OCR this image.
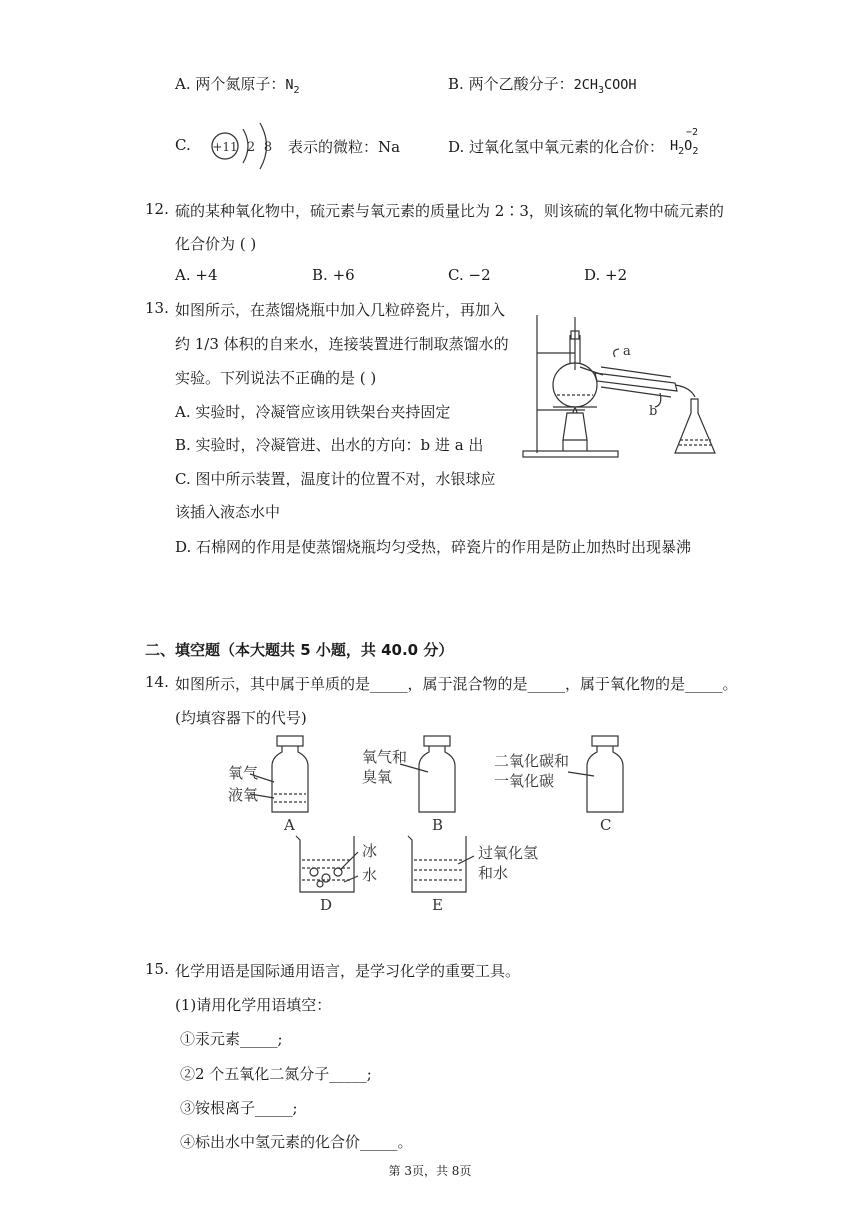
A. 两个氮原子：$N_2$	B. 两个乙酸分子：$2CH_3COOH$
C. +11 2 8 表示的微粒：Na	D. 过氧化氢中氧元素的化合价：
−2
$H_2O_2$
12. 硫的某种氧化物中，硫元素与氧元素的质量比为 2∶3，则该硫的氧化物中硫元素的
化合价为 ( )
A. +4	B. +6	C. −2	D. +2
13. 如图所示，在蒸馏烧瓶中加入几粒碎瓷片，再加入
约 1/3 体积的自来水，连接装置进行制取蒸馏水的
实验。下列说法不正确的是 ( )
A. 实验时，冷凝管应该用铁架台夹持固定
B. 实验时，冷凝管进、出水的方向：b 进 a 出
C. 图中所示装置，温度计的位置不对，水银球应
该插入液态水中
D. 石棉网的作用是使蒸馏烧瓶均匀受热，碎瓷片的作用是防止加热时出现暴沸
a
b
二、填空题（本大题共 5 小题，共 40.0 分）
14. 如图所示，其中属于单质的是_____，属于混合物的是_____，属于氧化物的是_____。
(均填容器下的代号)
氧气
液氧
A
氧气和
臭氧
B
二氧化碳和
一氧化碳
C
冰
水
D
过氧化氢
和水
E
15. 化学用语是国际通用语言，是学习化学的重要工具。
(1)请用化学用语填空：
①汞元素_____;
②2 个五氧化二氮分子_____;
③铵根离子_____;
④标出水中氢元素的化合价_____。
第 3页，共 8页
